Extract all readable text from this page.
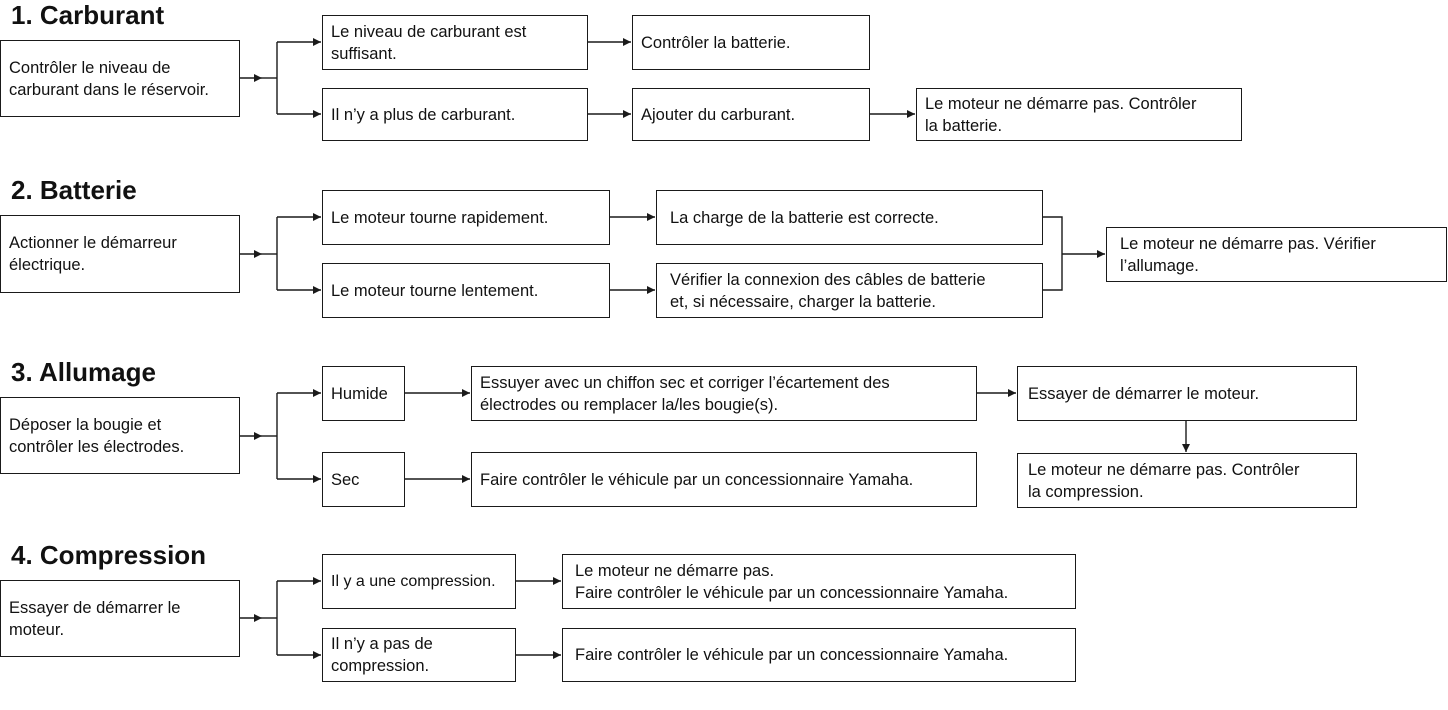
1. Carburant
2. Batterie
3. Allumage
4. Compression
Contrôler le niveau de
carburant dans le réservoir.
Le niveau de carburant est
suffisant.
Contrôler la batterie.
Il n’y a plus de carburant.	Ajouter du carburant.
Le moteur ne démarre pas. Contrôler
la batterie.
Actionner le démarreur
électrique.
Le moteur tourne rapidement.	La charge de la batterie est correcte.
Le moteur tourne lentement.
Vérifier la connexion des câbles de batterie
et, si nécessaire, charger la batterie.
Le moteur ne démarre pas. Vérifier
l’allumage.
Déposer la bougie et
contrôler les électrodes.
Humide
Essuyer avec un chiffon sec et corriger l’écartement des
électrodes ou remplacer la/les bougie(s).
Essayer de démarrer le moteur.
Le moteur ne démarre pas. Contrôler
la compression.
Sec	Faire contrôler le véhicule par un concessionnaire Yamaha.
Essayer de démarrer le
moteur.
Il y a une compression.
Le moteur ne démarre pas.
Faire contrôler le véhicule par un concessionnaire Yamaha.
Il n’y a pas de
compression.
Faire contrôler le véhicule par un concessionnaire Yamaha.
